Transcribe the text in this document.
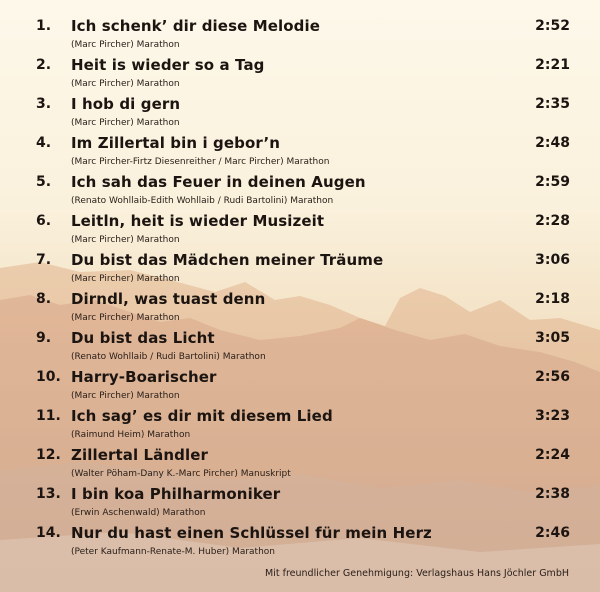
1.	Ich schenk’ dir diese Melodie	2:52
(Marc Pircher) Marathon
2.	Heit is wieder so a Tag	2:21
(Marc Pircher) Marathon
3.	I hob di gern	2:35
(Marc Pircher) Marathon
4.	Im Zillertal bin i gebor’n	2:48
(Marc Pircher-Firtz Diesenreither / Marc Pircher) Marathon
5.	Ich sah das Feuer in deinen Augen	2:59
(Renato Wohllaib-Edith Wohllaib / Rudi Bartolini) Marathon
6.	Leitln, heit is wieder Musizeit	2:28
(Marc Pircher) Marathon
7.	Du bist das Mädchen meiner Träume	3:06
(Marc Pircher) Marathon
8.	Dirndl, was tuast denn	2:18
(Marc Pircher) Marathon
9.	Du bist das Licht	3:05
(Renato Wohllaib / Rudi Bartolini) Marathon
10. Harry-Boarischer	2:56
(Marc Pircher) Marathon
11. Ich sag’ es dir mit diesem Lied	3:23
(Raimund Heim) Marathon
12. Zillertal Ländler	2:24
(Walter Pöham-Dany K.-Marc Pircher) Manuskript
13. I bin koa Philharmoniker	2:38
(Erwin Aschenwald) Marathon
14. Nur du hast einen Schlüssel für mein Herz	2:46
(Peter Kaufmann-Renate-M. Huber) Marathon
Mit freundlicher Genehmigung: Verlagshaus Hans Jöchler GmbH
